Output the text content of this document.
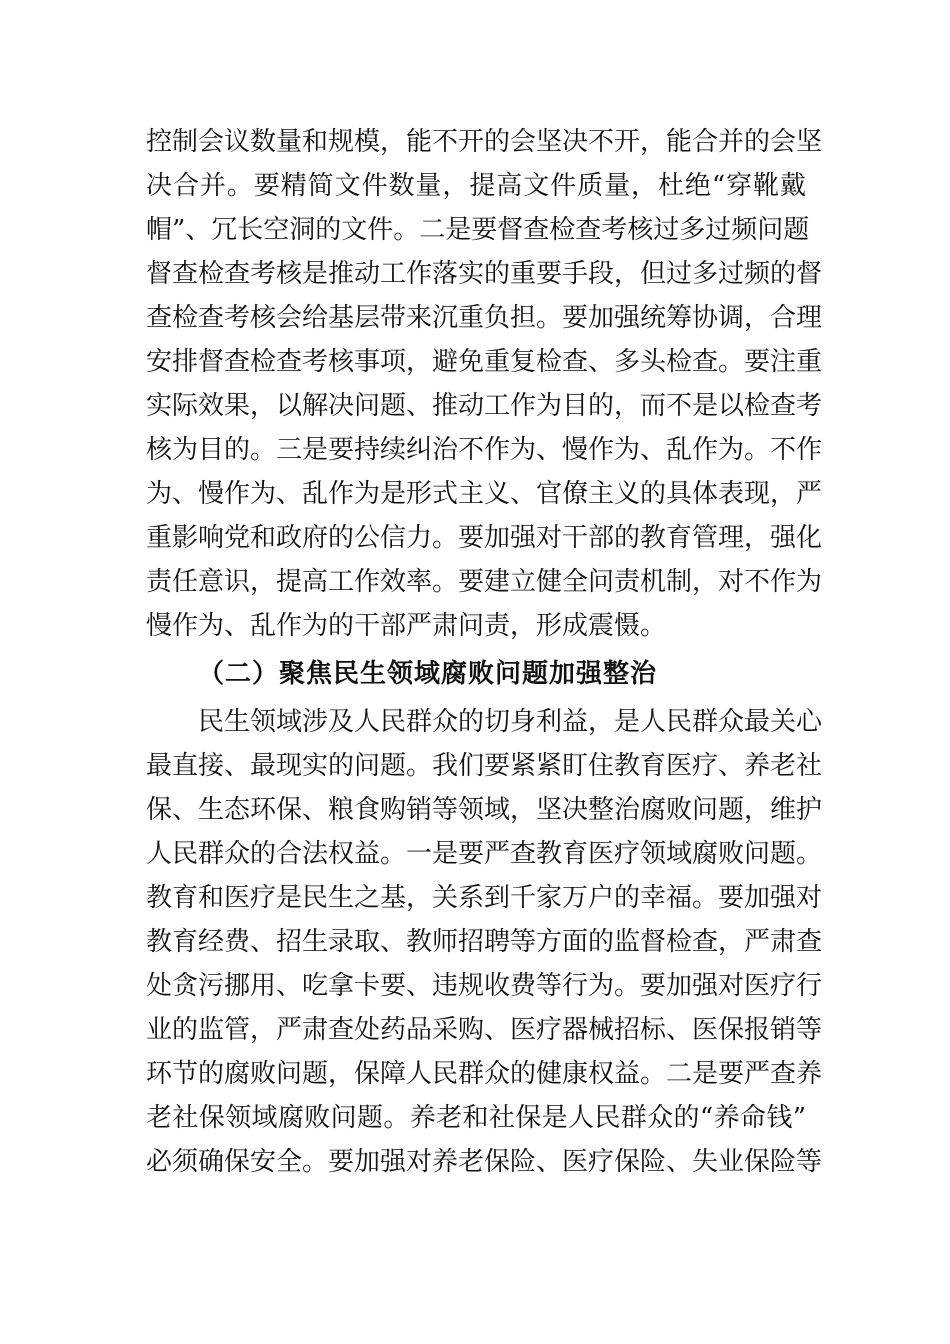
控制会议数量和规模，能不开的会坚决不开，能合并的会坚
决合并。要精简文件数量，提高文件质量，杜绝“穿靴戴
帽”、冗长空洞的文件。二是要督查检查考核过多过频问题
督查检查考核是推动工作落实的重要手段，但过多过频的督
查检查考核会给基层带来沉重负担。要加强统筹协调，合理
安排督查检查考核事项，避免重复检查、多头检查。要注重
实际效果，以解决问题、推动工作为目的，而不是以检查考
核为目的。三是要持续纠治不作为、慢作为、乱作为。不作
为、慢作为、乱作为是形式主义、官僚主义的具体表现，严
重影响党和政府的公信力。要加强对干部的教育管理，强化
责任意识，提高工作效率。要建立健全问责机制，对不作为
慢作为、乱作为的干部严肃问责，形成震慑。
（二）聚焦民生领域腐败问题加强整治
民生领域涉及人民群众的切身利益，是人民群众最关心
最直接、最现实的问题。我们要紧紧盯住教育医疗、养老社
保、生态环保、粮食购销等领域，坚决整治腐败问题，维护
人民群众的合法权益。一是要严查教育医疗领域腐败问题。
教育和医疗是民生之基，关系到千家万户的幸福。要加强对
教育经费、招生录取、教师招聘等方面的监督检查，严肃查
处贪污挪用、吃拿卡要、违规收费等行为。要加强对医疗行
业的监管，严肃查处药品采购、医疗器械招标、医保报销等
环节的腐败问题，保障人民群众的健康权益。二是要严查养
老社保领域腐败问题。养老和社保是人民群众的“养命钱”
必须确保安全。要加强对养老保险、医疗保险、失业保险等
